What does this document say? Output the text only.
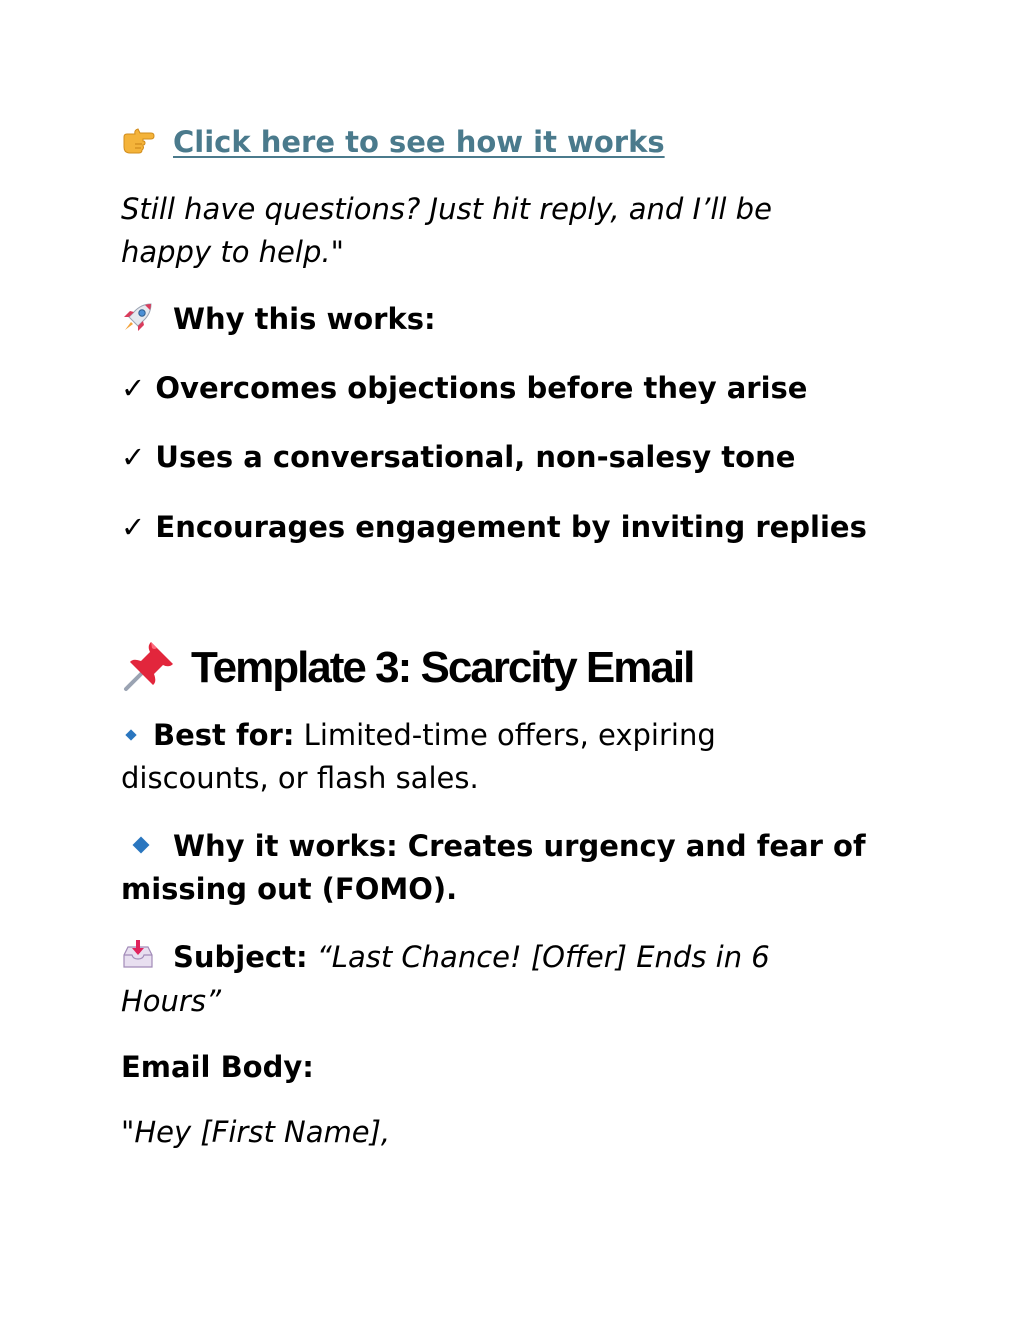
Click here to see how it works
Still have questions? Just hit reply, and I’ll be
happy to help."
Why this works:
✓ Overcomes objections before they arise
✓ Uses a conversational, non-salesy tone
✓ Encourages engagement by inviting replies
Template 3: Scarcity Email
Best for: Limited-time offers, expiring
discounts, or flash sales.
Why it works: Creates urgency and fear of
missing out (FOMO).
Subject: “Last Chance! [Offer] Ends in 6
Hours”
Email Body:
"Hey [First Name],
